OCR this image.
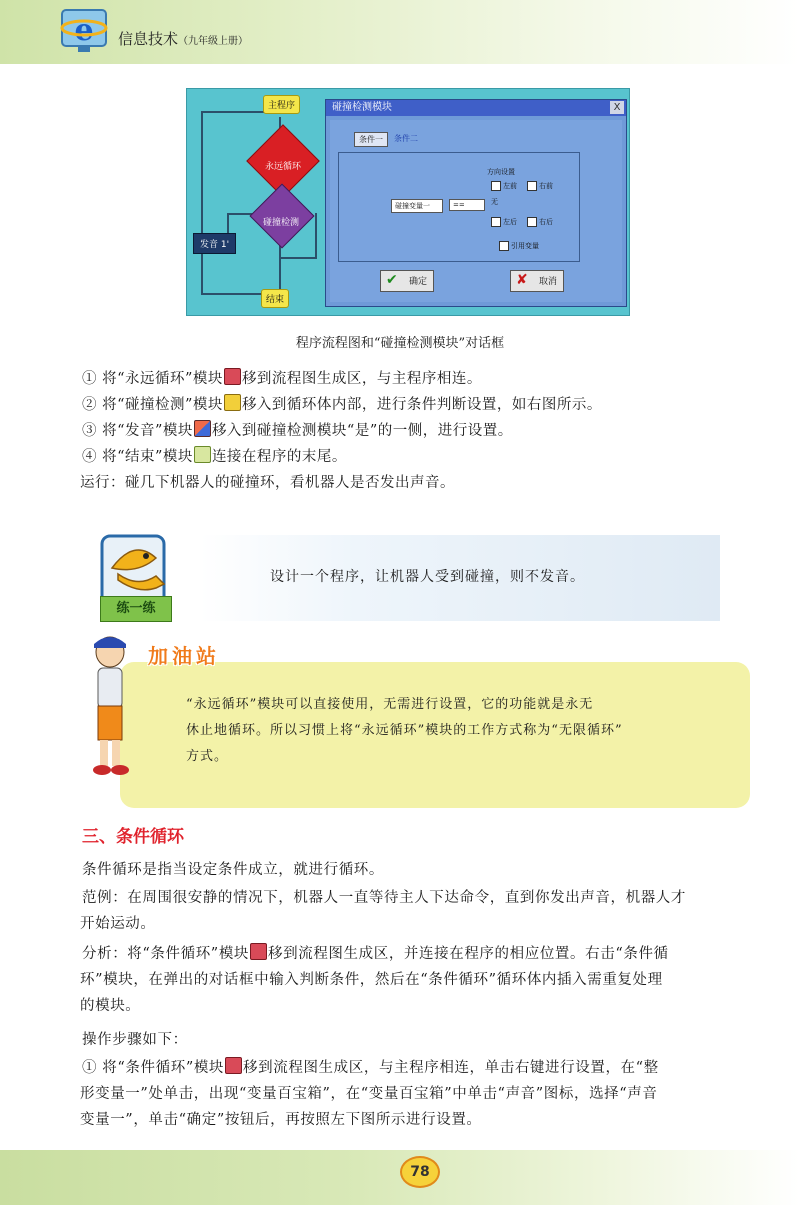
e 信息技术（九年级上册）
主程序
永远循环
碰撞检测
发音 1'
结束
碰撞检测模块	X
条件一	条件二
碰撞变量一	==
方向设置
左前	右前
无
左后	右后
引用变量
确定
✔	取消
✘
程序流程图和“碰撞检测模块”对话框
① 将“永远循环”模块 移到流程图生成区，与主程序相连。
② 将“碰撞检测”模块 移入到循环体内部，进行条件判断设置，如右图所示。
③ 将“发音”模块 移入到碰撞检测模块“是”的一侧，进行设置。
④ 将“结束”模块 连接在程序的末尾。
运行：碰几下机器人的碰撞环，看机器人是否发出声音。
练一练
设计一个程序，让机器人受到碰撞，则不发音。
加油站
“永远循环”模块可以直接使用，无需进行设置，它的功能就是永无
休止地循环。所以习惯上将“永远循环”模块的工作方式称为“无限循环”
方式。
三、条件循环
条件循环是指当设定条件成立，就进行循环。
范例：在周围很安静的情况下，机器人一直等待主人下达命令，直到你发出声音，机器人才
开始运动。
分析：将“条件循环”模块 移到流程图生成区，并连接在程序的相应位置。右击“条件循
环”模块，在弹出的对话框中输入判断条件，然后在“条件循环”循环体内插入需重复处理
的模块。
操作步骤如下：
① 将“条件循环”模块 移到流程图生成区，与主程序相连，单击右键进行设置，在“整
形变量一”处单击，出现“变量百宝箱”，在“变量百宝箱”中单击“声音”图标，选择“声音
变量一”，单击“确定”按钮后，再按照左下图所示进行设置。
78
